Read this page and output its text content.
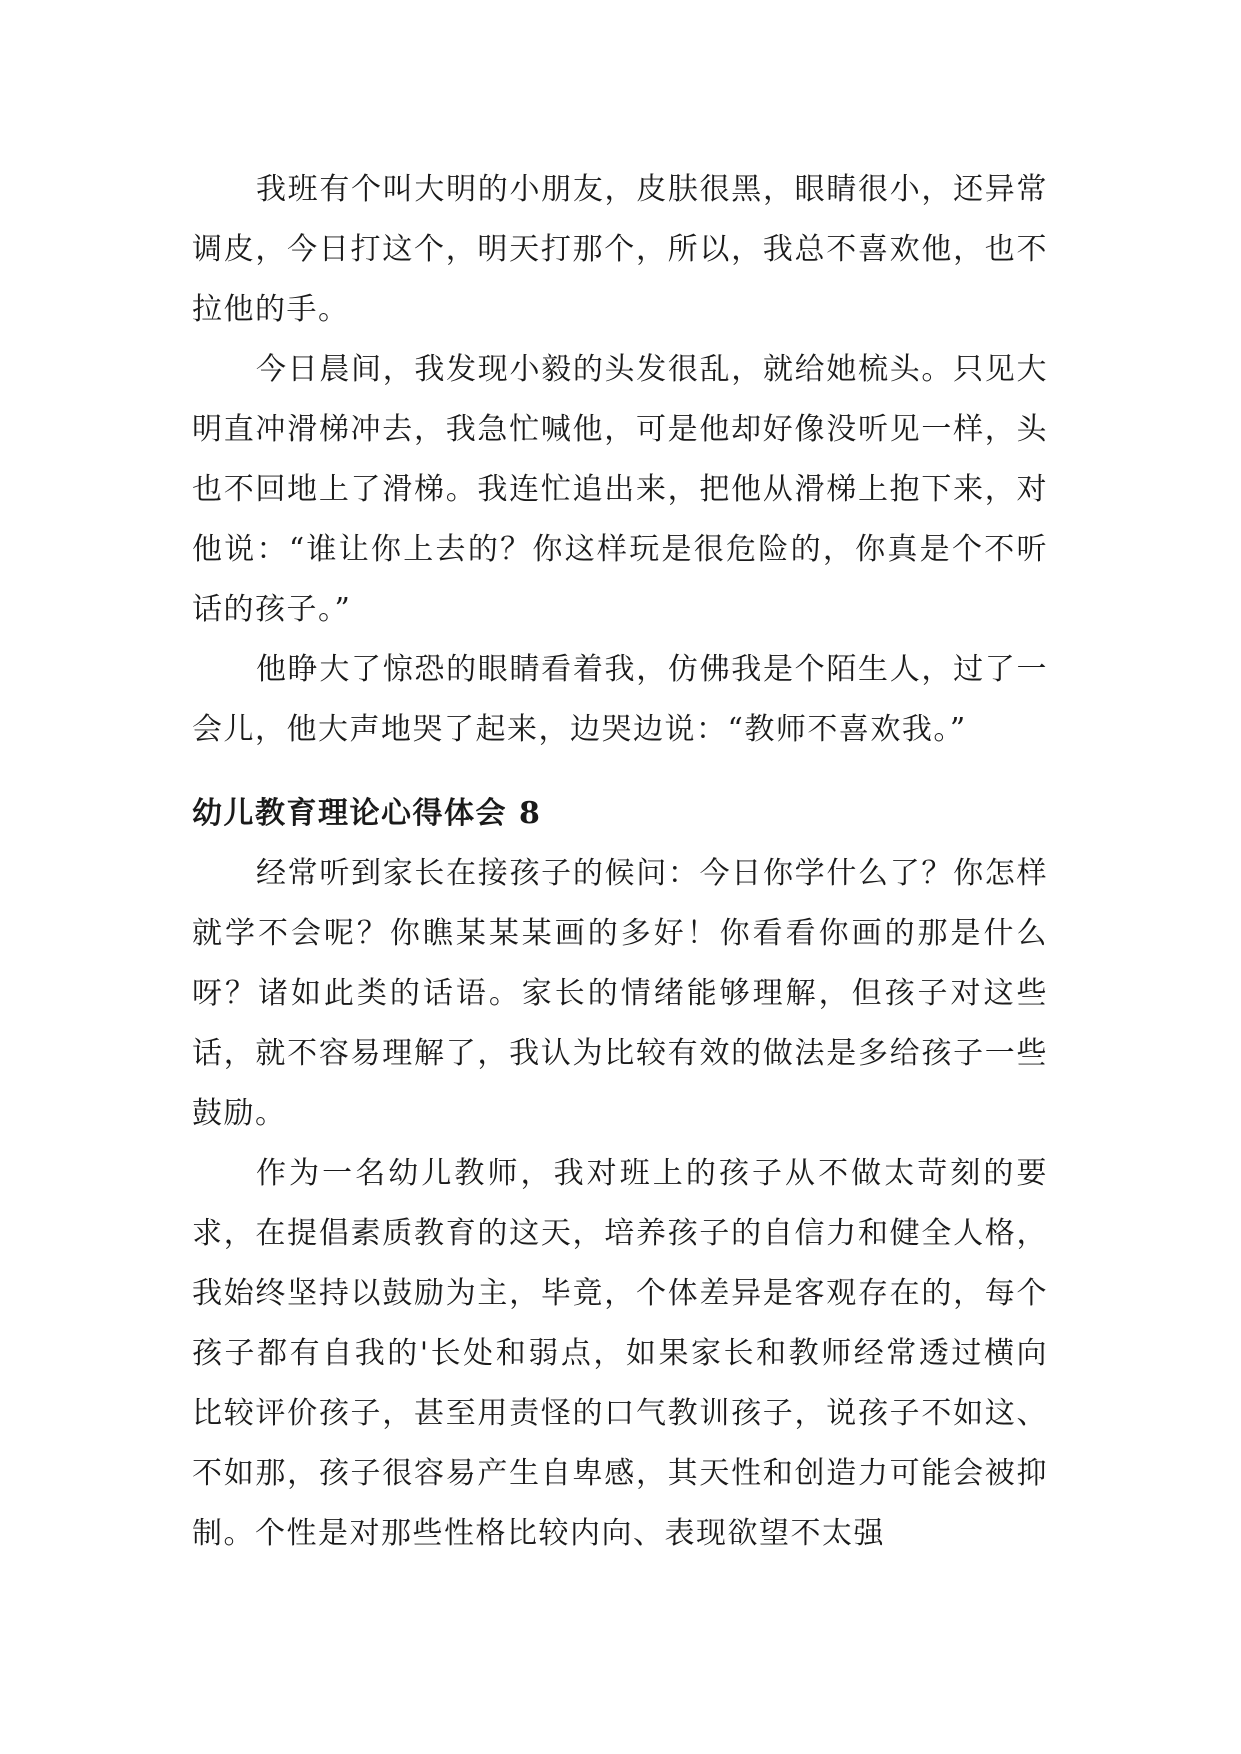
我班有个叫大明的小朋友，皮肤很黑，眼睛很小，还异常调皮，今日打这个，明天打那个，所以，我总不喜欢他，也不拉他的手。

今日晨间，我发现小毅的头发很乱，就给她梳头。只见大明直冲滑梯冲去，我急忙喊他，可是他却好像没听见一样，头也不回地上了滑梯。我连忙追出来，把他从滑梯上抱下来，对他说：“谁让你上去的？你这样玩是很危险的，你真是个不听话的孩子。”

他睁大了惊恐的眼睛看着我，仿佛我是个陌生人，过了一会儿，他大声地哭了起来，边哭边说：“教师不喜欢我。”

幼儿教育理论心得体会 8

经常听到家长在接孩子的候问：今日你学什么了？你怎样就学不会呢？你瞧某某某画的多好！你看看你画的那是什么呀？诸如此类的话语。家长的情绪能够理解，但孩子对这些话，就不容易理解了，我认为比较有效的做法是多给孩子一些鼓励。

作为一名幼儿教师，我对班上的孩子从不做太苛刻的要求，在提倡素质教育的这天，培养孩子的自信力和健全人格，我始终坚持以鼓励为主，毕竟，个体差异是客观存在的，每个孩子都有自我的'长处和弱点，如果家长和教师经常透过横向比较评价孩子，甚至用责怪的口气教训孩子，说孩子不如这、不如那，孩子很容易产生自卑感，其天性和创造力可能会被抑制。个性是对那些性格比较内向、表现欲望不太强
